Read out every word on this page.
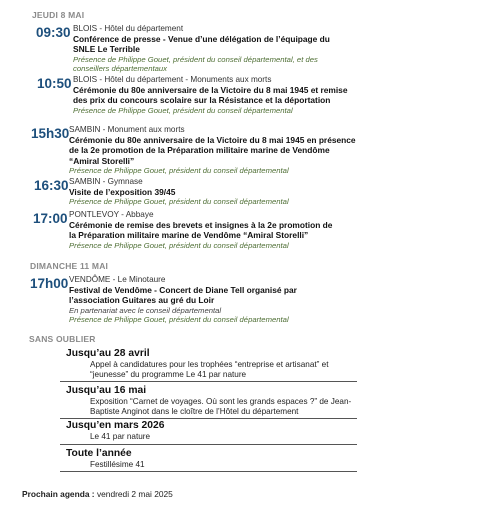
JEUDI 8 MAI
09:30 BLOIS - Hôtel du département
Conférence de presse - Venue d’une délégation de l’équipage du SNLE Le Terrible
Présence de Philippe Gouet, président du conseil départemental, et des conseillers départementaux
10:50 BLOIS - Hôtel du département - Monuments aux morts
Cérémonie du 80e anniversaire de la Victoire du 8 mai 1945 et remise des prix du concours scolaire sur la Résistance et la déportation
Présence de Philippe Gouet, président du conseil départemental
15h30 SAMBIN - Monument aux morts
Cérémonie du 80e anniversaire de la Victoire du 8 mai 1945 en présence de la 2e promotion de la Préparation militaire marine de Vendôme “Amiral Storelli”
Présence de Philippe Gouet, président du conseil départemental
16:30 SAMBIN - Gymnase
Visite de l’exposition 39/45
Présence de Philippe Gouet, président du conseil départemental
17:00 PONTLEVOY - Abbaye
Cérémonie de remise des brevets et insignes à la 2e promotion de la Préparation militaire marine de Vendôme “Amiral Storelli”
Présence de Philippe Gouet, président du conseil départemental
DIMANCHE 11 MAI
17h00 VENDÔME - Le Minotaure
Festival de Vendôme - Concert de Diane Tell organisé par l’association Guitares au gré du Loir
En partenariat avec le conseil départemental
Présence de Philippe Gouet, président du conseil départemental
SANS OUBLIER
Jusqu’au 28 avril
Appel à candidatures pour les trophées “entreprise et artisanat” et “jeunesse” du programme Le 41 par nature
Jusqu’au 16 mai
Exposition “Carnet de voyages. Où sont les grands espaces ?” de Jean-Baptiste Anginot dans le cloître de l’Hôtel du département
Jusqu’en mars 2026
Le 41 par nature
Toute l’année
Festillésime 41
Prochain agenda : vendredi 2 mai 2025
